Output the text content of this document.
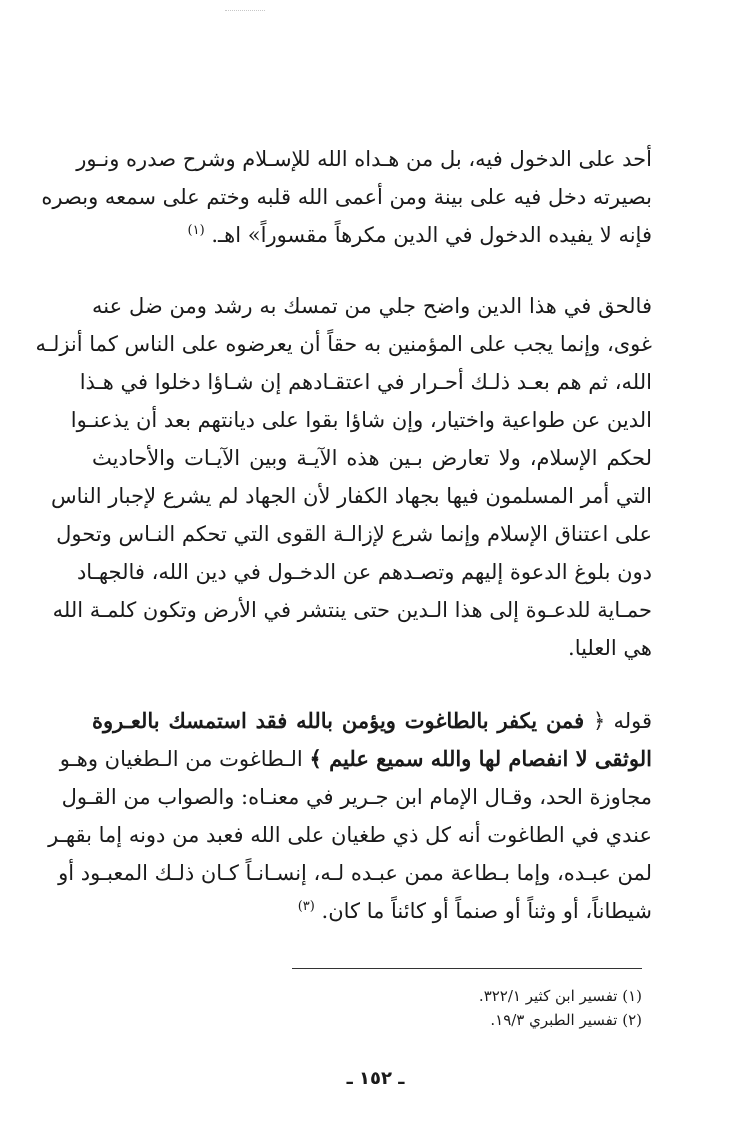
أحد على الدخول فيه، بل من هـداه الله للإسـلام وشرح صدره ونـور
بصيرته دخل فيه على بينة ومن أعمى الله قلبه وختم على سمعه وبصره
فإنه لا يفيده الدخول في الدين مكرهاً مقسوراً» اهـ. $^{(١)}$
فالحق في هذا الدين واضح جلي من تمسك به رشد ومن ضل عنه
غوى، وإنما يجب على المؤمنين به حقاً أن يعرضوه على الناس كما أنزلـه
الله، ثم هم بعـد ذلـك أحـرار في اعتقـادهم إن شـاؤا دخلوا في هـذا
الدين عن طواعية واختيار، وإن شاؤا بقوا على ديانتهم بعد أن يذعنـوا
لحكم الإسلام، ولا تعارض بـين هذه الآيـة وبين الآيـات والأحاديث
التي أمر المسلمون فيها بجهاد الكفار لأن الجهاد لم يشرع لإجبار الناس
على اعتناق الإسلام وإنما شرع لإزالـة القوى التي تحكم النـاس وتحول
دون بلوغ الدعوة إليهم وتصـدهم عن الدخـول في دين الله، فالجهـاد
حمـاية للدعـوة إلى هذا الـدين حتى ينتشر في الأرض وتكون كلمـة الله
هي العليا.
قوله ﴿ فمن يكفر بالطاغوت ويؤمن بالله فقد استمسك بالعـروة
الوثقى لا انفصام لها والله سميع عليم ﴾ الـطاغوت من الـطغيان وهـو
مجاوزة الحد، وقـال الإمام ابن جـرير في معنـاه: والصواب من القـول
عندي في الطاغوت أنه كل ذي طغيان على الله فعبد من دونه إما بقهـر
لمن عبـده، وإما بـطاعة ممن عبـده لـه، إنسـانـاً كـان ذلـك المعبـود أو
شيطاناً، أو وثناً أو صنماً أو كائناً ما كان. $^{(٣)}$
(١) تفسير ابن كثير ٣٢٢/١.
(٢) تفسير الطبري ١٩/٣.
ـ ١٥٢ ـ
